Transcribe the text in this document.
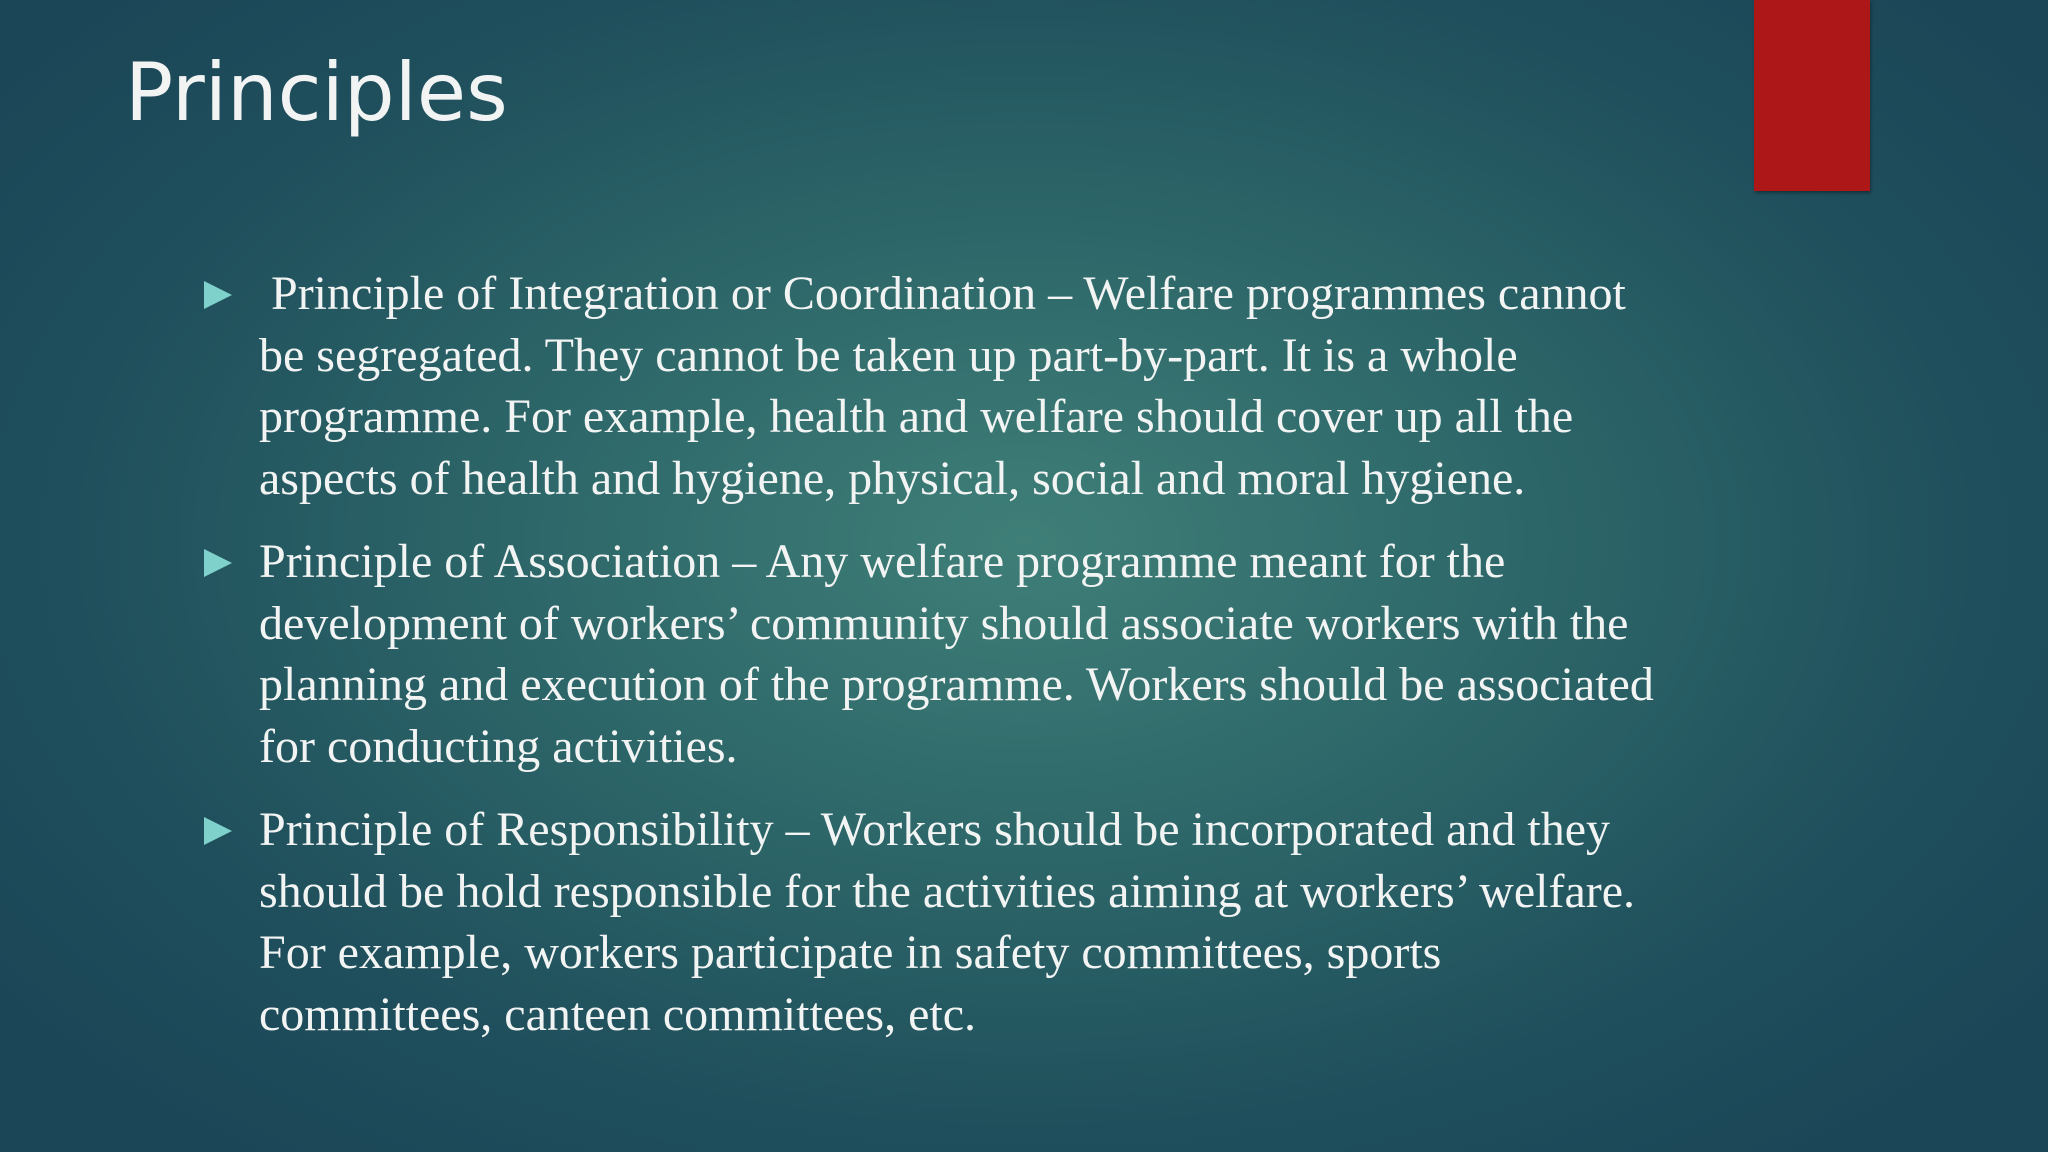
Principles
Principle of Integration or Coordination – Welfare programmes cannot be segregated. They cannot be taken up part-by-part. It is a whole programme. For example, health and welfare should cover up all the aspects of health and hygiene, physical, social and moral hygiene.
Principle of Association – Any welfare programme meant for the development of workers’ community should associate workers with the planning and execution of the programme. Workers should be associated for conducting activities.
Principle of Responsibility – Workers should be incorporated and they should be hold responsible for the activities aiming at workers’ welfare. For example, workers participate in safety committees, sports committees, canteen committees, etc.
